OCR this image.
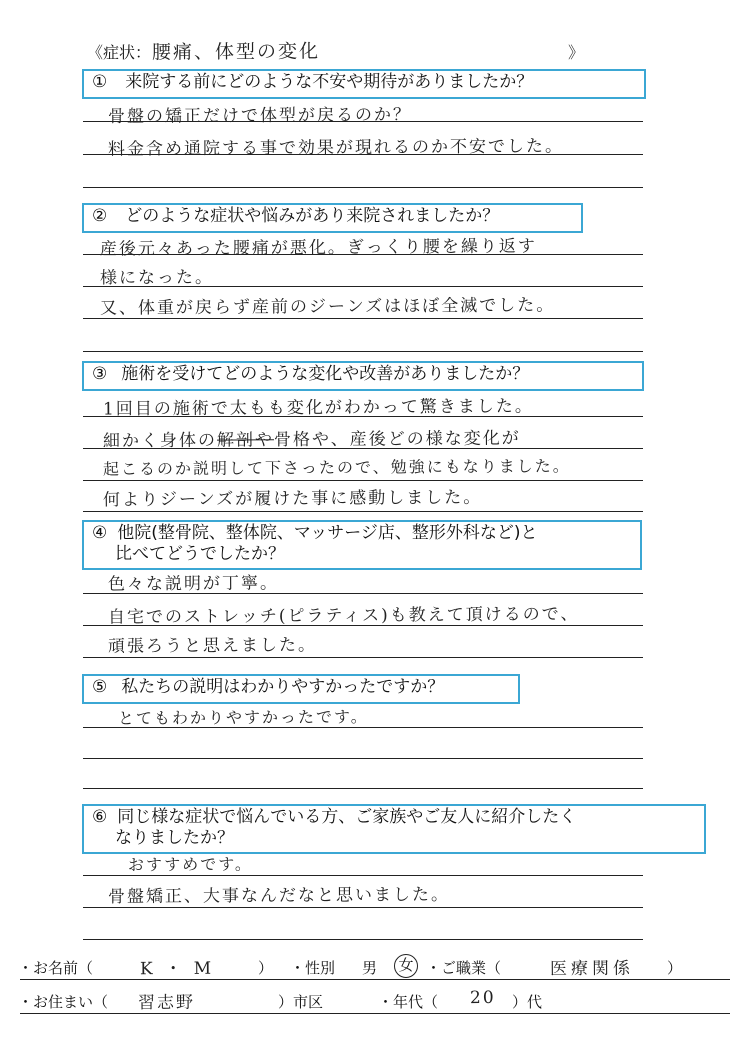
《症状： 腰痛、体型の変化	》
① 来院する前にどのような不安や期待がありましたか？
骨盤の矯正だけで体型が戻るのか？
料金含め通院する事で効果が現れるのか不安でした。
② どのような症状や悩みがあり来院されましたか？
産後元々あった腰痛が悪化。ぎっくり腰を繰り返す
様になった。
又、体重が戻らず産前のジーンズはほぼ全滅でした。
③ 施術を受けてどのような変化や改善がありましたか？
1回目の施術で太もも変化がわかって驚きました。
細かく身体の解剖や骨格や、産後どの様な変化が
起こるのか説明して下さったので、勉強にもなりました。
何よりジーンズが履けた事に感動しました。
④ 他院(整骨院、整体院、マッサージ店、整形外科など)と
比べてどうでしたか？
色々な説明が丁寧。
自宅でのストレッチ(ピラティス)も教えて頂けるので、
頑張ろうと思えました。
⑤ 私たちの説明はわかりやすかったですか？
とてもわかりやすかったです。
⑥ 同じ様な症状で悩んでいる方、ご家族やご友人に紹介したく
なりましたか？
おすすめです。
骨盤矯正、大事なんだなと思いました。
・お名前（	K・M ） ・性別 男 女 ・ご職業（	医療関係 ）
・お住まい（ 習志野	）市区	・年代（ 20 ）代
